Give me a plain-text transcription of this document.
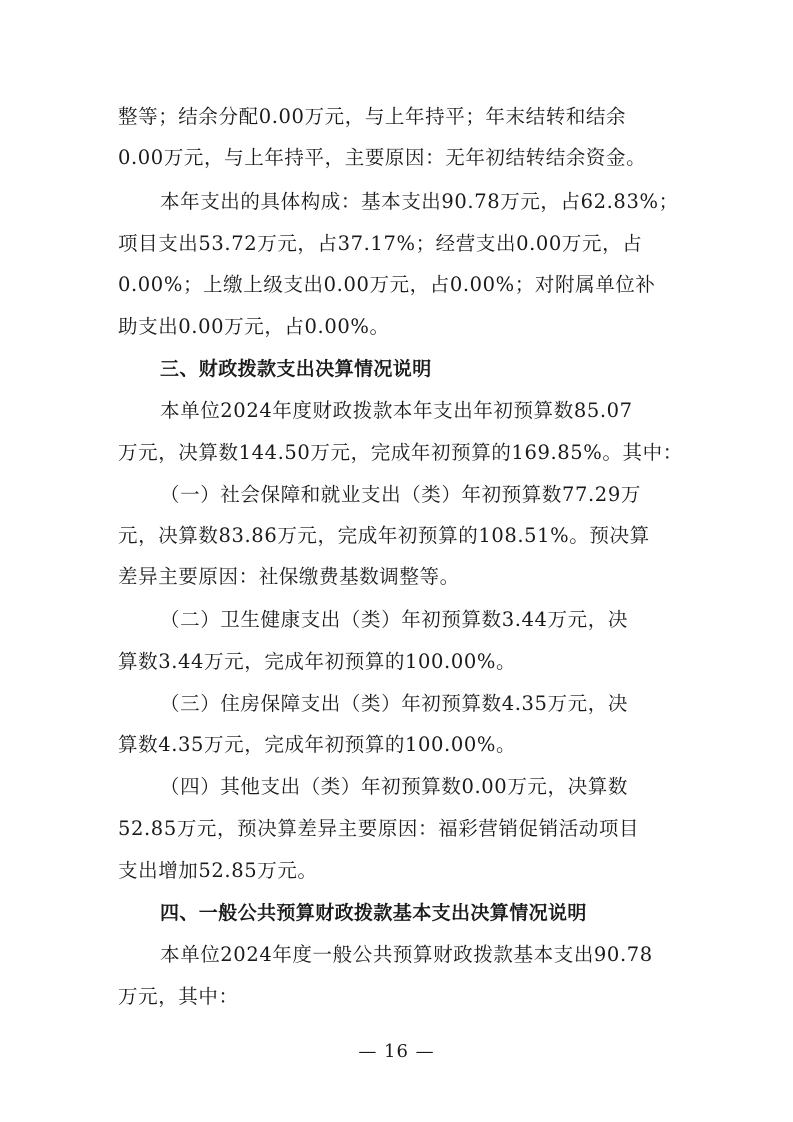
整等；结余分配0.00万元，与上年持平；年末结转和结余
0.00万元，与上年持平，主要原因：无年初结转结余资金。
本年支出的具体构成：基本支出90.78万元，占62.83%；
项目支出53.72万元，占37.17%；经营支出0.00万元，占
0.00%；上缴上级支出0.00万元，占0.00%；对附属单位补
助支出0.00万元，占0.00%。
三、财政拨款支出决算情况说明
本单位2024年度财政拨款本年支出年初预算数85.07
万元，决算数144.50万元，完成年初预算的169.85%。其中：
（一）社会保障和就业支出（类）年初预算数77.29万
元，决算数83.86万元，完成年初预算的108.51%。预决算
差异主要原因：社保缴费基数调整等。
（二）卫生健康支出（类）年初预算数3.44万元，决
算数3.44万元，完成年初预算的100.00%。
（三）住房保障支出（类）年初预算数4.35万元，决
算数4.35万元，完成年初预算的100.00%。
（四）其他支出（类）年初预算数0.00万元，决算数
52.85万元，预决算差异主要原因：福彩营销促销活动项目
支出增加52.85万元。
四、一般公共预算财政拨款基本支出决算情况说明
本单位2024年度一般公共预算财政拨款基本支出90.78
万元，其中：
— 16 —
